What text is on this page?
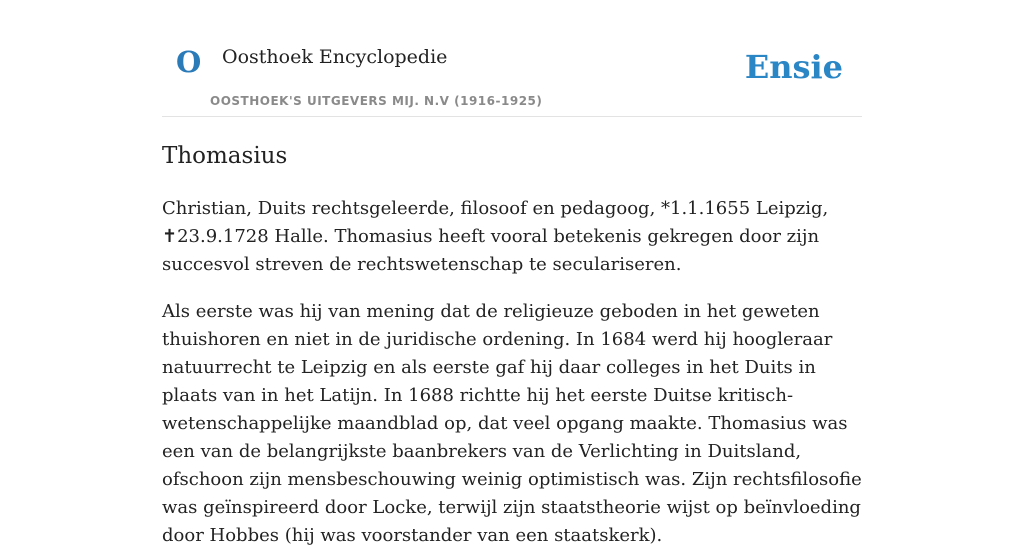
O Oosthoek Encyclopedie
OOSTHOEK'S UITGEVERS MIJ. N.V (1916-1925)
Ensie
Thomasius

Christian, Duits rechtsgeleerde, filosoof en pedagoog, *1.1.1655 Leipzig, ✝23.9.1728 Halle. Thomasius heeft vooral betekenis gekregen door zijn succesvol streven de rechtswetenschap te seculariseren.

Als eerste was hij van mening dat de religieuze geboden in het geweten thuishoren en niet in de juridische ordening. In 1684 werd hij hoogleraar natuurrecht te Leipzig en als eerste gaf hij daar colleges in het Duits in plaats van in het Latijn. In 1688 richtte hij het eerste Duitse kritisch-wetenschappelijke maandblad op, dat veel opgang maakte. Thomasius was een van de belangrijkste baanbrekers van de Verlichting in Duitsland, ofschoon zijn mensbeschouwing weinig optimistisch was. Zijn rechtsfilosofie was geïnspireerd door Locke, terwijl zijn staatstheorie wijst op beïnvloeding door Hobbes (hij was voorstander van een staatskerk).
